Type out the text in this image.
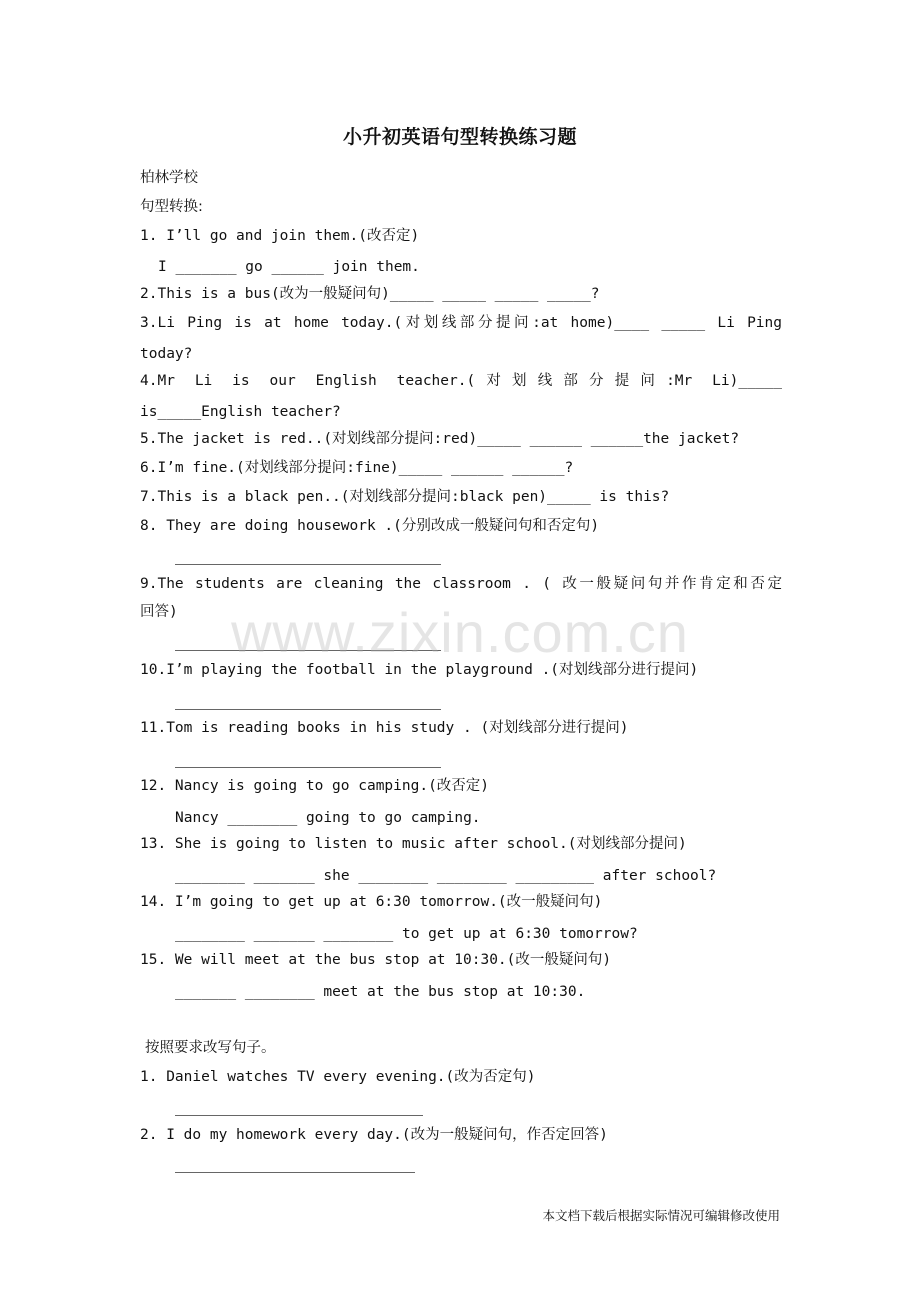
小升初英语句型转换练习题
柏林学校
句型转换:
1. I’ll go and join them.(改否定)
I _______ go ______ join them.
2.This is a bus(改为一般疑问句)_____ _____ _____ _____?
3.Li Ping is at home today.(对划线部分提问:at home)____ _____ Li Ping
today?
4.Mr Li is our English teacher.(对划线部分提问:Mr Li)_____
is_____English teacher?
5.The jacket is red..(对划线部分提问:red)_____ ______ ______the jacket?
6.I’m fine.(对划线部分提问:fine)_____ ______ ______?
7.This is a black pen..(对划线部分提问:black pen)_____ is this?
8. They are doing housework .(分别改成一般疑问句和否定句)
9.The students are cleaning the classroom . ( 改一般疑问句并作肯定和否定
回答)
10.I’m playing the football in the playground .(对划线部分进行提问)
11.Tom is reading books in his study . (对划线部分进行提问)
12. Nancy is going to go camping.(改否定)
Nancy ________ going to go camping.
13. She is going to listen to music after school.(对划线部分提问)
________ _______ she ________ ________ _________ after school?
14. I’m going to get up at 6:30 tomorrow.(改一般疑问句)
________ _______ ________ to get up at 6:30 tomorrow?
15. We will meet at the bus stop at 10:30.(改一般疑问句)
_______ ________ meet at the bus stop at 10:30.
按照要求改写句子。
1. Daniel watches TV every evening.(改为否定句)
2. I do my homework every day.(改为一般疑问句，作否定回答)
www.zixin.com.cn
本文档下载后根据实际情况可编辑修改使用
